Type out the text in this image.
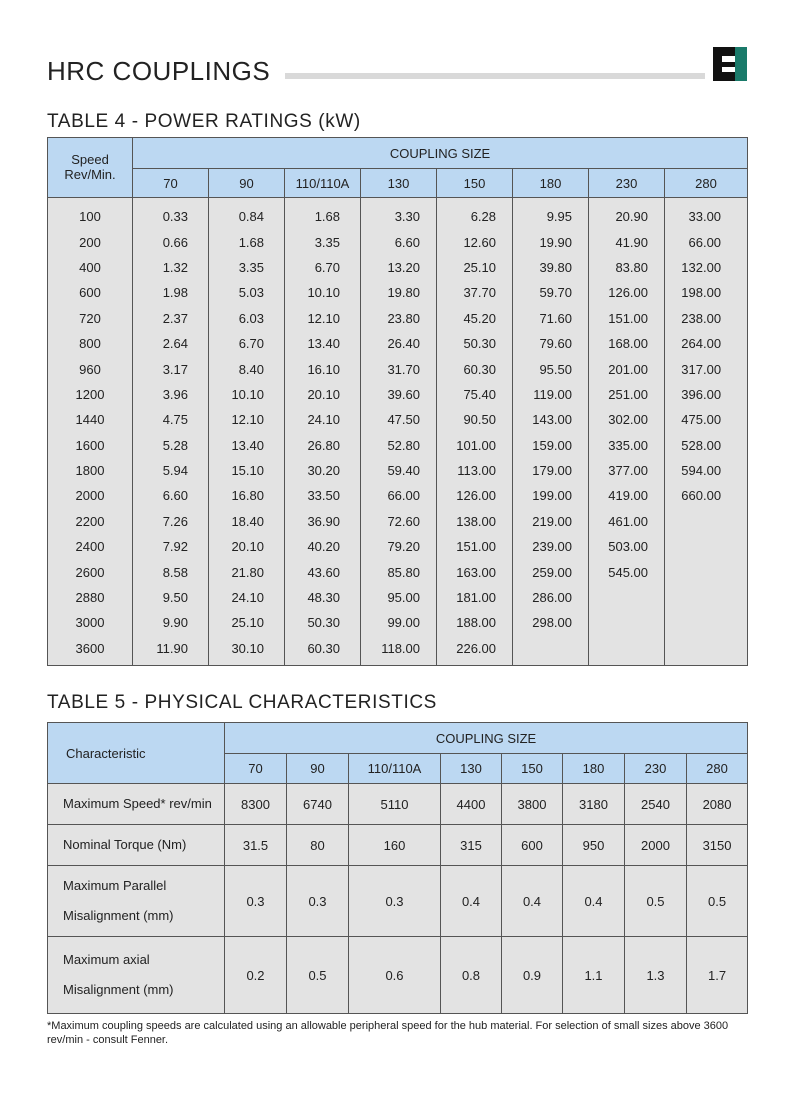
HRC COUPLINGS
TABLE 4 - POWER RATINGS (kW)
Speed
Rev/Min.	COUPLING SIZE							
	70	90	110/110A	130	150	180	230	280
100	0.33	0.84	1.68	3.30	6.28	9.95	20.90	33.00
200	0.66	1.68	3.35	6.60	12.60	19.90	41.90	66.00
400	1.32	3.35	6.70	13.20	25.10	39.80	83.80	132.00
600	1.98	5.03	10.10	19.80	37.70	59.70	126.00	198.00
720	2.37	6.03	12.10	23.80	45.20	71.60	151.00	238.00
800	2.64	6.70	13.40	26.40	50.30	79.60	168.00	264.00
960	3.17	8.40	16.10	31.70	60.30	95.50	201.00	317.00
1200	3.96	10.10	20.10	39.60	75.40	119.00	251.00	396.00
1440	4.75	12.10	24.10	47.50	90.50	143.00	302.00	475.00
1600	5.28	13.40	26.80	52.80	101.00	159.00	335.00	528.00
1800	5.94	15.10	30.20	59.40	113.00	179.00	377.00	594.00
2000	6.60	16.80	33.50	66.00	126.00	199.00	419.00	660.00
2200	7.26	18.40	36.90	72.60	138.00	219.00	461.00	
2400	7.92	20.10	40.20	79.20	151.00	239.00	503.00	
2600	8.58	21.80	43.60	85.80	163.00	259.00	545.00	
2880	9.50	24.10	48.30	95.00	181.00	286.00		
3000	9.90	25.10	50.30	99.00	188.00	298.00		
3600	11.90	30.10	60.30	118.00	226.00			
TABLE 5 - PHYSICAL CHARACTERISTICS
Characteristic	COUPLING SIZE							
	70	90	110/110A	130	150	180	230	280
Maximum Speed* rev/min	8300	6740	5110	4400	3800	3180	2540	2080
Nominal Torque (Nm)	31.5	80	160	315	600	950	2000	3150
Maximum Parallel
Misalignment (mm)	0.3	0.3	0.3	0.4	0.4	0.4	0.5	0.5
Maximum axial
Misalignment (mm)	0.2	0.5	0.6	0.8	0.9	1.1	1.3	1.7

*Maximum coupling speeds are calculated using an allowable peripheral speed for the hub material. For selection of small sizes above 3600 rev/min - consult Fenner.
